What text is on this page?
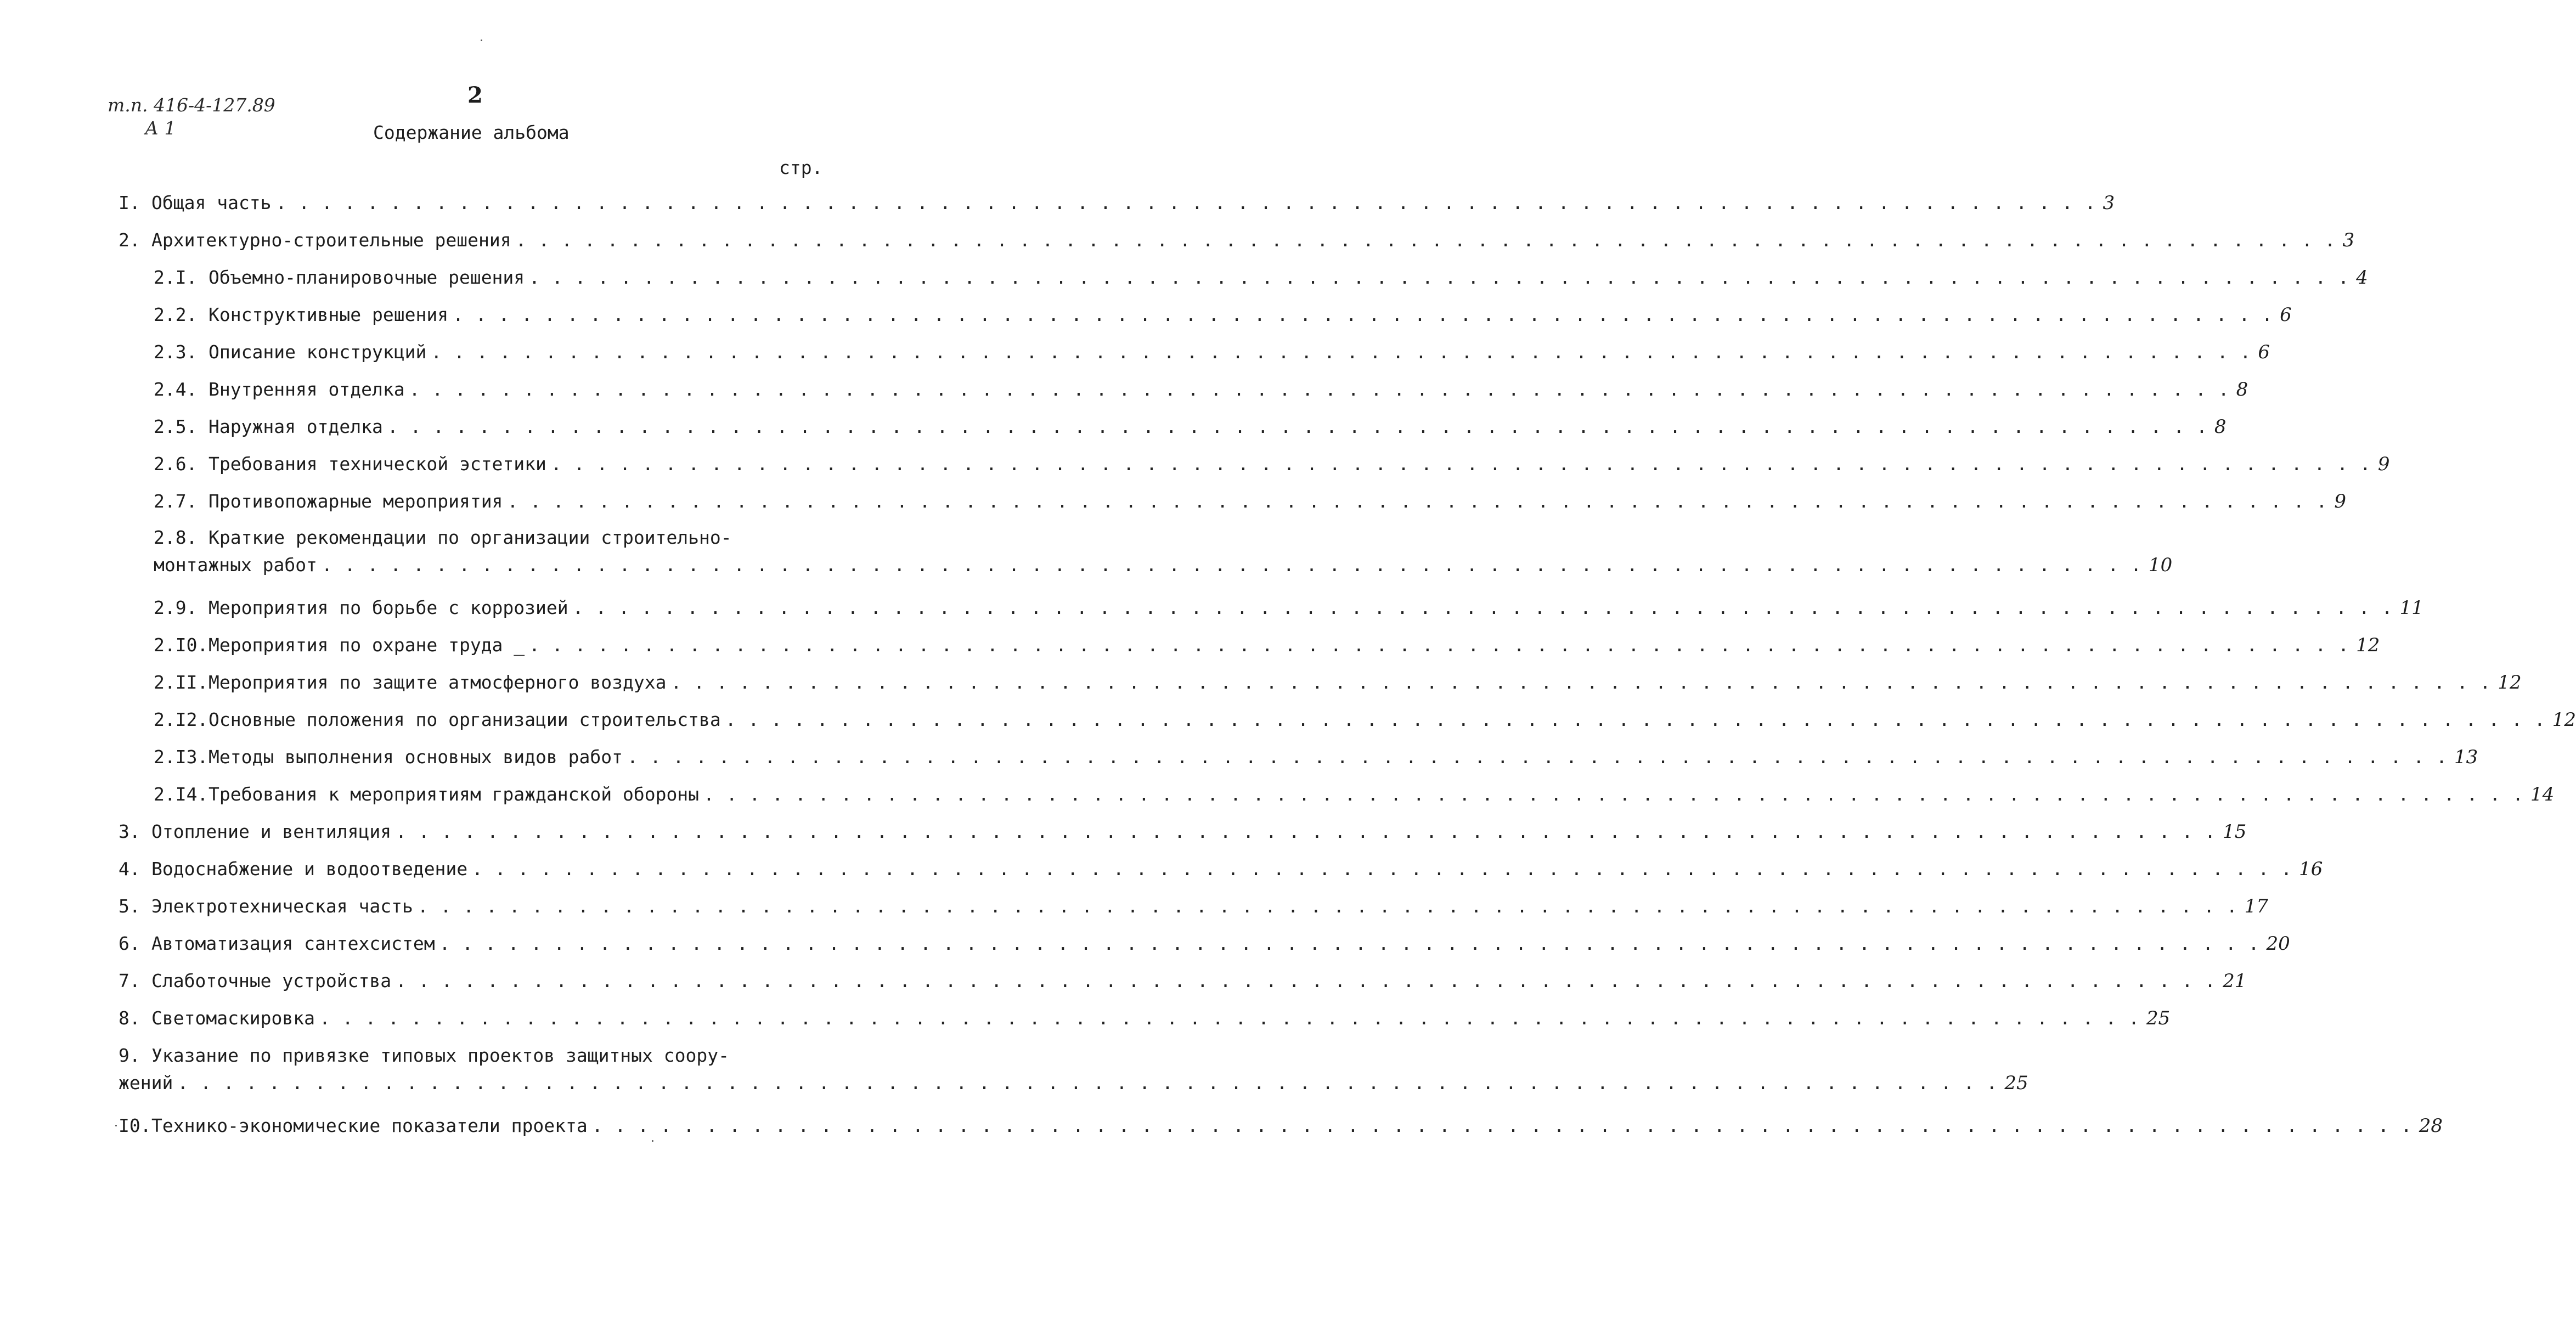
т.п. 416-4-127.89
А 1
2
Содержание альбома
стр.
I. Общая часть . . . . . . . . . . . . . . . . . . . . . . . . . . . . . . . . . . . . . . . . . . . . . . . . . . . . . . . . . . . . . . . . . . . . . . . . . . . . . . . . 3
2. Архитектурно-строительные решения . . . . . . . . . . . . . . . . . . . . . . . . . . . . . . . . . . . . . . . . . . . . . . . . . . . . . . . . . . . . . . . . . . . . . . . . . . . . . . . . 3
2.I. Объемно-планировочные решения . . . . . . . . . . . . . . . . . . . . . . . . . . . . . . . . . . . . . . . . . . . . . . . . . . . . . . . . . . . . . . . . . . . . . . . . . . . . . . . . 4
2.2. Конструктивные решения . . . . . . . . . . . . . . . . . . . . . . . . . . . . . . . . . . . . . . . . . . . . . . . . . . . . . . . . . . . . . . . . . . . . . . . . . . . . . . . . 6
2.3. Описание конструкций . . . . . . . . . . . . . . . . . . . . . . . . . . . . . . . . . . . . . . . . . . . . . . . . . . . . . . . . . . . . . . . . . . . . . . . . . . . . . . . . 6
2.4. Внутренняя отделка . . . . . . . . . . . . . . . . . . . . . . . . . . . . . . . . . . . . . . . . . . . . . . . . . . . . . . . . . . . . . . . . . . . . . . . . . . . . . . . . 8
2.5. Наружная отделка . . . . . . . . . . . . . . . . . . . . . . . . . . . . . . . . . . . . . . . . . . . . . . . . . . . . . . . . . . . . . . . . . . . . . . . . . . . . . . . . 8
2.6. Требования технической эстетики . . . . . . . . . . . . . . . . . . . . . . . . . . . . . . . . . . . . . . . . . . . . . . . . . . . . . . . . . . . . . . . . . . . . . . . . . . . . . . . . 9
2.7. Противопожарные мероприятия . . . . . . . . . . . . . . . . . . . . . . . . . . . . . . . . . . . . . . . . . . . . . . . . . . . . . . . . . . . . . . . . . . . . . . . . . . . . . . . . 9
2.8. Краткие рекомендации по организации строительно-
монтажных работ . . . . . . . . . . . . . . . . . . . . . . . . . . . . . . . . . . . . . . . . . . . . . . . . . . . . . . . . . . . . . . . . . . . . . . . . . . . . . . . . 10
2.9. Мероприятия по борьбе с коррозией . . . . . . . . . . . . . . . . . . . . . . . . . . . . . . . . . . . . . . . . . . . . . . . . . . . . . . . . . . . . . . . . . . . . . . . . . . . . . . . . 11
2.I0. Мероприятия по охране труда _ . . . . . . . . . . . . . . . . . . . . . . . . . . . . . . . . . . . . . . . . . . . . . . . . . . . . . . . . . . . . . . . . . . . . . . . . . . . . . . . . 12
2.II. Мероприятия по защите атмосферного воздуха . . . . . . . . . . . . . . . . . . . . . . . . . . . . . . . . . . . . . . . . . . . . . . . . . . . . . . . . . . . . . . . . . . . . . . . . . . . . . . . . 12
2.I2. Основные положения по организации строительства . . . . . . . . . . . . . . . . . . . . . . . . . . . . . . . . . . . . . . . . . . . . . . . . . . . . . . . . . . . . . . . . . . . . . . . . . . . . . . . . 12
2.I3. Методы выполнения основных видов работ . . . . . . . . . . . . . . . . . . . . . . . . . . . . . . . . . . . . . . . . . . . . . . . . . . . . . . . . . . . . . . . . . . . . . . . . . . . . . . . . 13
2.I4. Требования к мероприятиям гражданской обороны . . . . . . . . . . . . . . . . . . . . . . . . . . . . . . . . . . . . . . . . . . . . . . . . . . . . . . . . . . . . . . . . . . . . . . . . . . . . . . . . 14
3. Отопление и вентиляция . . . . . . . . . . . . . . . . . . . . . . . . . . . . . . . . . . . . . . . . . . . . . . . . . . . . . . . . . . . . . . . . . . . . . . . . . . . . . . . . 15
4. Водоснабжение и водоотведение . . . . . . . . . . . . . . . . . . . . . . . . . . . . . . . . . . . . . . . . . . . . . . . . . . . . . . . . . . . . . . . . . . . . . . . . . . . . . . . . 16
5. Электротехническая часть . . . . . . . . . . . . . . . . . . . . . . . . . . . . . . . . . . . . . . . . . . . . . . . . . . . . . . . . . . . . . . . . . . . . . . . . . . . . . . . . 17
6. Автоматизация сантехсистем . . . . . . . . . . . . . . . . . . . . . . . . . . . . . . . . . . . . . . . . . . . . . . . . . . . . . . . . . . . . . . . . . . . . . . . . . . . . . . . . 20
7. Слаботочные устройства . . . . . . . . . . . . . . . . . . . . . . . . . . . . . . . . . . . . . . . . . . . . . . . . . . . . . . . . . . . . . . . . . . . . . . . . . . . . . . . . 21
8. Светомаскировка . . . . . . . . . . . . . . . . . . . . . . . . . . . . . . . . . . . . . . . . . . . . . . . . . . . . . . . . . . . . . . . . . . . . . . . . . . . . . . . . 25
9. Указание по привязке типовых проектов защитных соору-
жений . . . . . . . . . . . . . . . . . . . . . . . . . . . . . . . . . . . . . . . . . . . . . . . . . . . . . . . . . . . . . . . . . . . . . . . . . . . . . . . . 25
I0. Технико-экономические показатели проекта . . . . . . . . . . . . . . . . . . . . . . . . . . . . . . . . . . . . . . . . . . . . . . . . . . . . . . . . . . . . . . . . . . . . . . . . . . . . . . . . 28
